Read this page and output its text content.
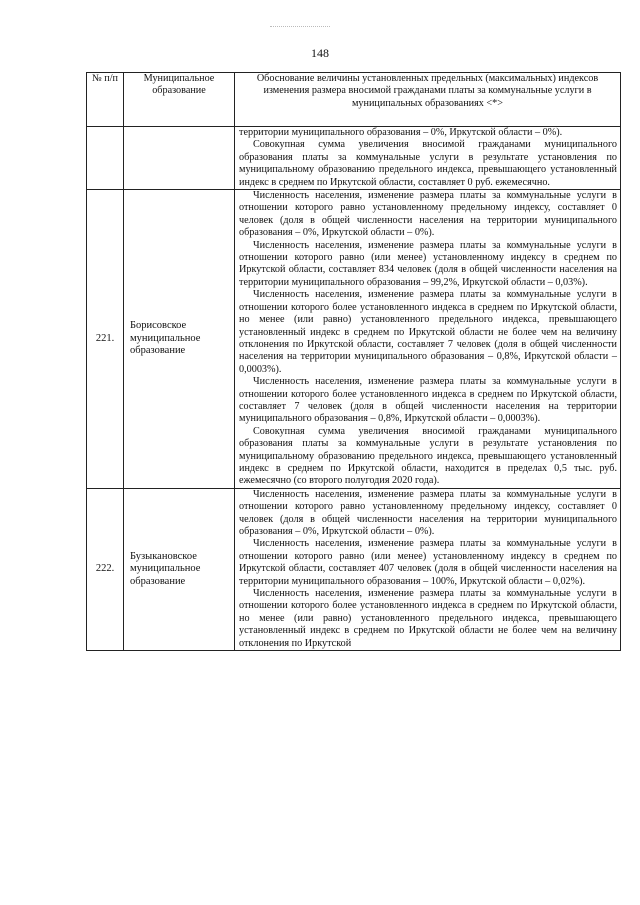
148
№ п/п	Муниципальное образование	Обоснование величины установленных предельных (максимальных) индексов изменения размера вносимой гражданами платы за коммунальные услуги в муниципальных образованиях <*>

		территории муниципального образования – 0%, Иркутской области – 0%).

Совокупная сумма увеличения вносимой гражданами муниципального образования платы за коммунальные услуги в результате установления по муниципальному образованию предельного индекса, превышающего установленный индекс в среднем по Иркутской области, составляет 0 руб. ежемесячно.

221.	Борисовское муниципальное образование	Численность населения, изменение размера платы за коммунальные услуги в отношении которого равно установленному предельному индексу, составляет 0 человек (доля в общей численности населения на территории муниципального образования – 0%, Иркутской области – 0%).

Численность населения, изменение размера платы за коммунальные услуги в отношении которого равно (или менее) установленному индексу в среднем по Иркутской области, составляет 834 человек (доля в общей численности населения на территории муниципального образования – 99,2%, Иркутской области – 0,03%).

Численность населения, изменение размера платы за коммунальные услуги в отношении которого более установленного индекса в среднем по Иркутской области, но менее (или равно) установленного предельного индекса, превышающего установленный индекс в среднем по Иркутской области не более чем на величину отклонения по Иркутской области, составляет 7 человек (доля в общей численности населения на территории муниципального образования – 0,8%, Иркутской области – 0,0003%).

Численность населения, изменение размера платы за коммунальные услуги в отношении которого более установленного индекса в среднем по Иркутской области, составляет 7 человек (доля в общей численности населения на территории муниципального образования – 0,8%, Иркутской области – 0,0003%).

Совокупная сумма увеличения вносимой гражданами муниципального образования платы за коммунальные услуги в результате установления по муниципальному образованию предельного индекса, превышающего установленный индекс в среднем по Иркутской области, находится в пределах 0,5 тыс. руб. ежемесячно (со второго полугодия 2020 года).

222.	Бузыкановское муниципальное образование	Численность населения, изменение размера платы за коммунальные услуги в отношении которого равно установленному предельному индексу, составляет 0 человек (доля в общей численности населения на территории муниципального образования – 0%, Иркутской области – 0%).

Численность населения, изменение размера платы за коммунальные услуги в отношении которого равно (или менее) установленному индексу в среднем по Иркутской области, составляет 407 человек (доля в общей численности населения на территории муниципального образования – 100%, Иркутской области – 0,02%).

Численность населения, изменение размера платы за коммунальные услуги в отношении которого более установленного индекса в среднем по Иркутской области, но менее (или равно) установленного предельного индекса, превышающего установленный индекс в среднем по Иркутской области не более чем на величину отклонения по Иркутской
